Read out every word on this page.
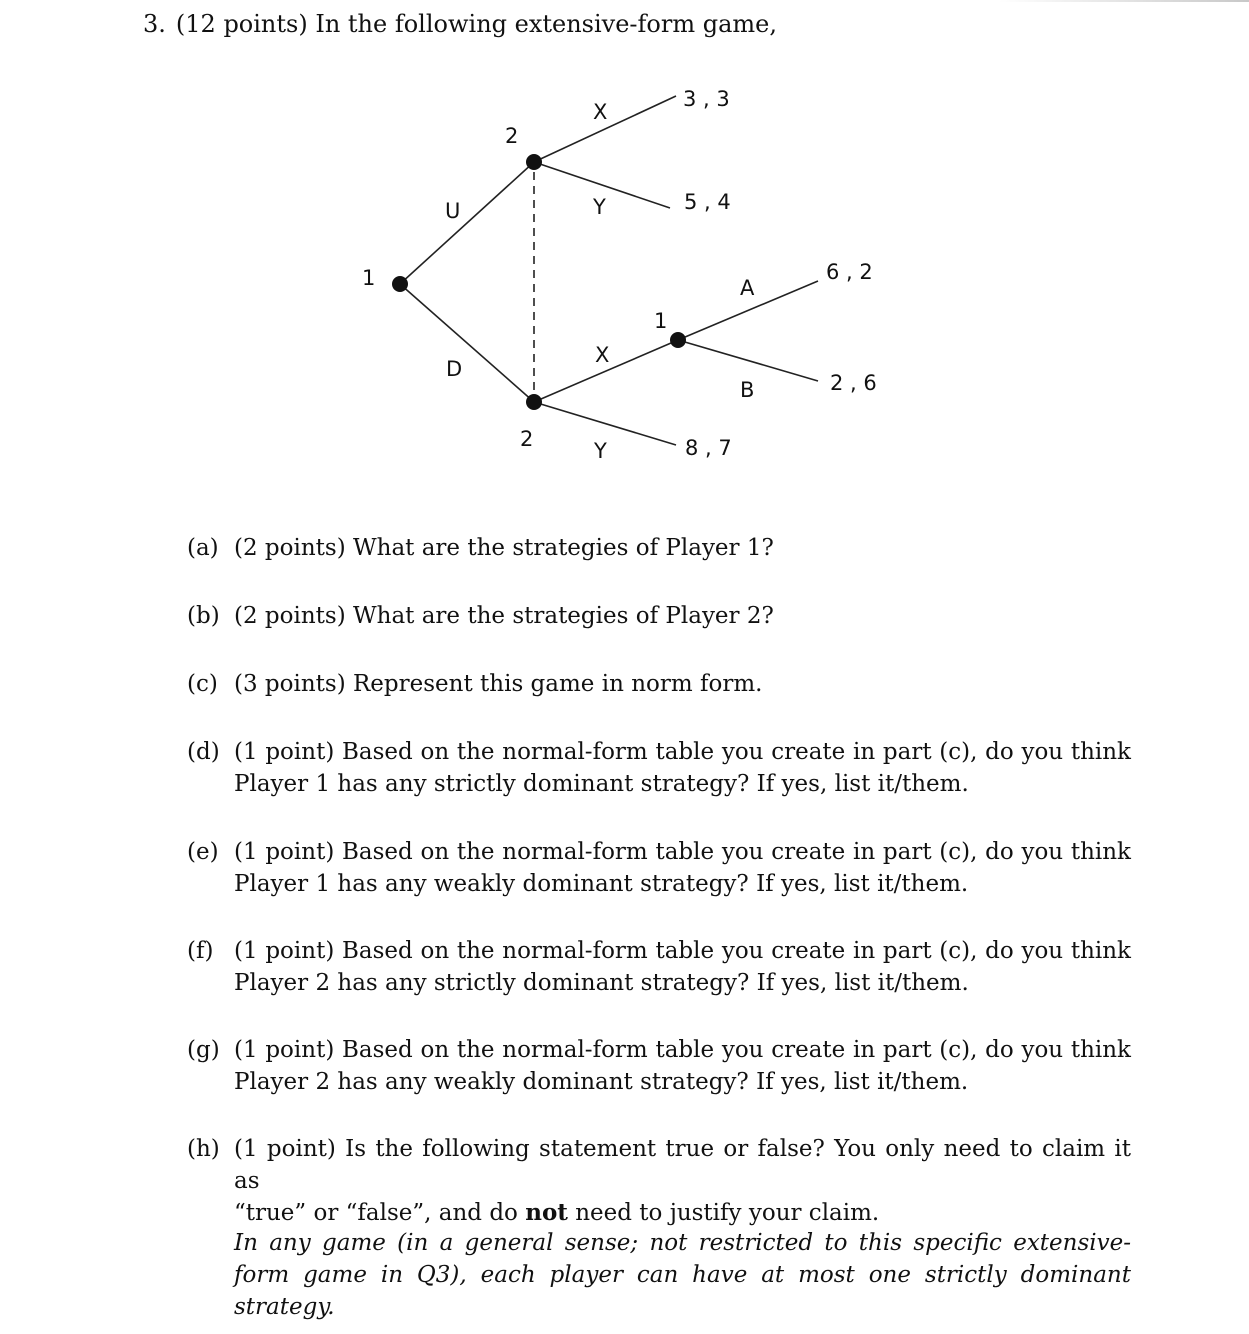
3. (12 points) In the following extensive-form game,
1
2
2
1
U
D
X
Y
X
Y
A
B
3 , 3
5 , 4
6 , 2
2 , 6
8 , 7
(a) (2 points) What are the strategies of Player 1?
(b) (2 points) What are the strategies of Player 2?
(c) (3 points) Represent this game in norm form.
(d) (1 point) Based on the normal-form table you create in part (c), do you think
Player 1 has any strictly dominant strategy? If yes, list it/them.
(e) (1 point) Based on the normal-form table you create in part (c), do you think
Player 1 has any weakly dominant strategy? If yes, list it/them.
(f) (1 point) Based on the normal-form table you create in part (c), do you think
Player 2 has any strictly dominant strategy? If yes, list it/them.
(g) (1 point) Based on the normal-form table you create in part (c), do you think
Player 2 has any weakly dominant strategy? If yes, list it/them.
(h) (1 point) Is the following statement true or false? You only need to claim it as
“true” or “false”, and do not need to justify your claim.
In any game (in a general sense; not restricted to this specific extensive-form game in Q3), each player can have at most one strictly dominant strategy.
